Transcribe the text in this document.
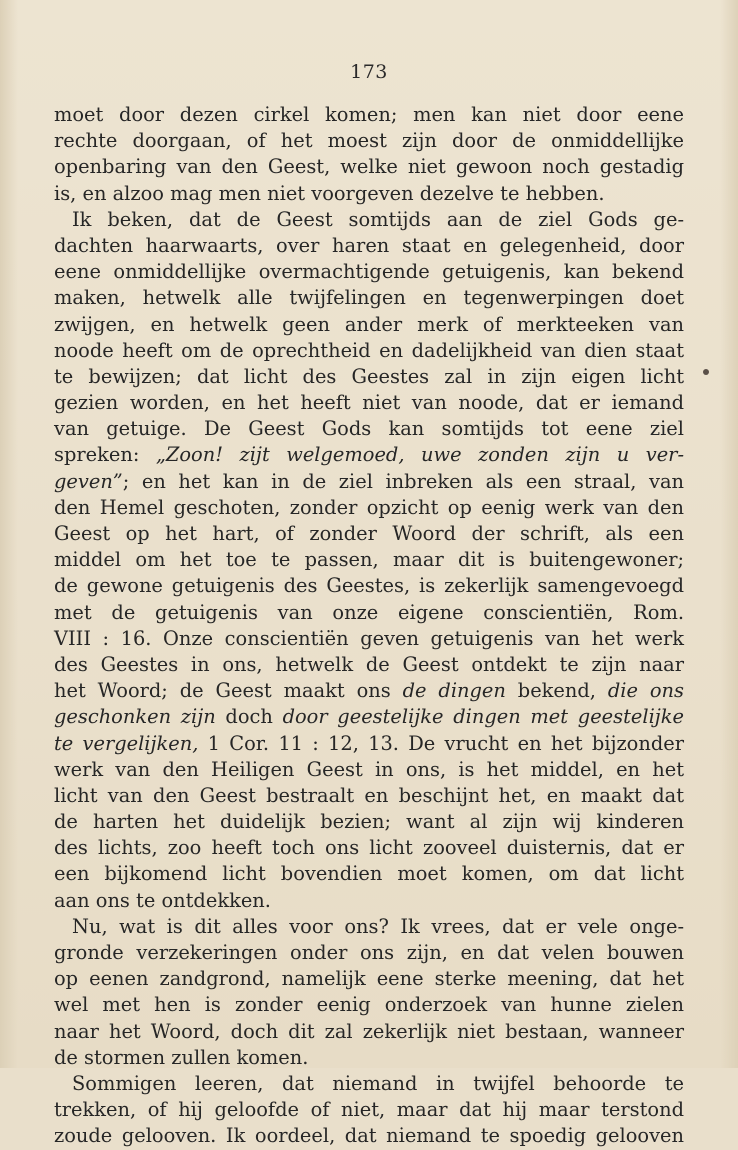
173
moet door dezen cirkel komen; men kan niet door eene
rechte doorgaan, of het moest zijn door de onmiddellijke
openbaring van den Geest, welke niet gewoon noch gestadig
is, en alzoo mag men niet voorgeven dezelve te hebben.
Ik beken, dat de Geest somtijds aan de ziel Gods ge-
dachten haarwaarts, over haren staat en gelegenheid, door
eene onmiddellijke overmachtigende getuigenis, kan bekend
maken, hetwelk alle twijfelingen en tegenwerpingen doet
zwijgen, en hetwelk geen ander merk of merkteeken van
noode heeft om de oprechtheid en dadelijkheid van dien staat
te bewijzen; dat licht des Geestes zal in zijn eigen licht
gezien worden, en het heeft niet van noode, dat er iemand
van getuige. De Geest Gods kan somtijds tot eene ziel
spreken: „Zoon! zijt welgemoed, uwe zonden zijn u ver-
geven”; en het kan in de ziel inbreken als een straal, van
den Hemel geschoten, zonder opzicht op eenig werk van den
Geest op het hart, of zonder Woord der schrift, als een
middel om het toe te passen, maar dit is buitengewoner;
de gewone getuigenis des Geestes, is zekerlijk samengevoegd
met de getuigenis van onze eigene conscientiën, Rom.
VIII : 16. Onze conscientiën geven getuigenis van het werk
des Geestes in ons, hetwelk de Geest ontdekt te zijn naar
het Woord; de Geest maakt ons de dingen bekend, die ons
geschonken zijn doch door geestelijke dingen met geestelijke
te vergelijken, 1 Cor. 11 : 12, 13. De vrucht en het bijzonder
werk van den Heiligen Geest in ons, is het middel, en het
licht van den Geest bestraalt en beschijnt het, en maakt dat
de harten het duidelijk bezien; want al zijn wij kinderen
des lichts, zoo heeft toch ons licht zooveel duisternis, dat er
een bijkomend licht bovendien moet komen, om dat licht
aan ons te ontdekken.
Nu, wat is dit alles voor ons? Ik vrees, dat er vele onge-
gronde verzekeringen onder ons zijn, en dat velen bouwen
op eenen zandgrond, namelijk eene sterke meening, dat het
wel met hen is zonder eenig onderzoek van hunne zielen
naar het Woord, doch dit zal zekerlijk niet bestaan, wanneer
de stormen zullen komen.
Sommigen leeren, dat niemand in twijfel behoorde te
trekken, of hij geloofde of niet, maar dat hij maar terstond
zoude gelooven. Ik oordeel, dat niemand te spoedig gelooven
